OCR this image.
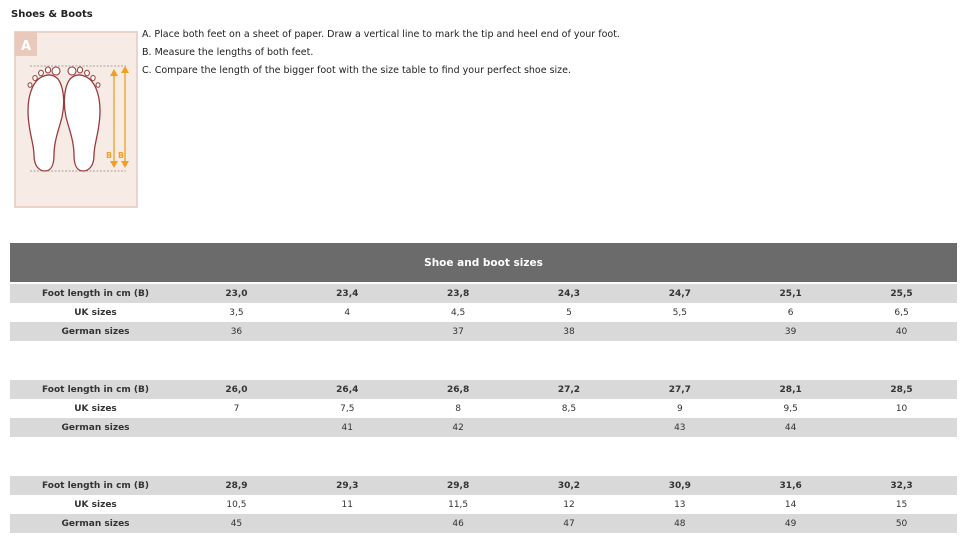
Shoes & Boots
A
B B
A. Place both feet on a sheet of paper. Draw a vertical line to mark the tip and heel end of your foot.
B. Measure the lengths of both feet.
C. Compare the length of the bigger foot with the size table to find your perfect shoe size.
Shoe and boot sizes
Foot length in cm (B)	23,0	23,4	23,8	24,3	24,7	25,1	25,5
UK sizes	3,5	4	4,5	5	5,5	6	6,5
German sizes	36		37	38		39	40
Foot length in cm (B)	26,0	26,4	26,8	27,2	27,7	28,1	28,5
UK sizes	7	7,5	8	8,5	9	9,5	10
German sizes		41	42		43	44	
Foot length in cm (B)	28,9	29,3	29,8	30,2	30,9	31,6	32,3
UK sizes	10,5	11	11,5	12	13	14	15
German sizes	45		46	47	48	49	50
